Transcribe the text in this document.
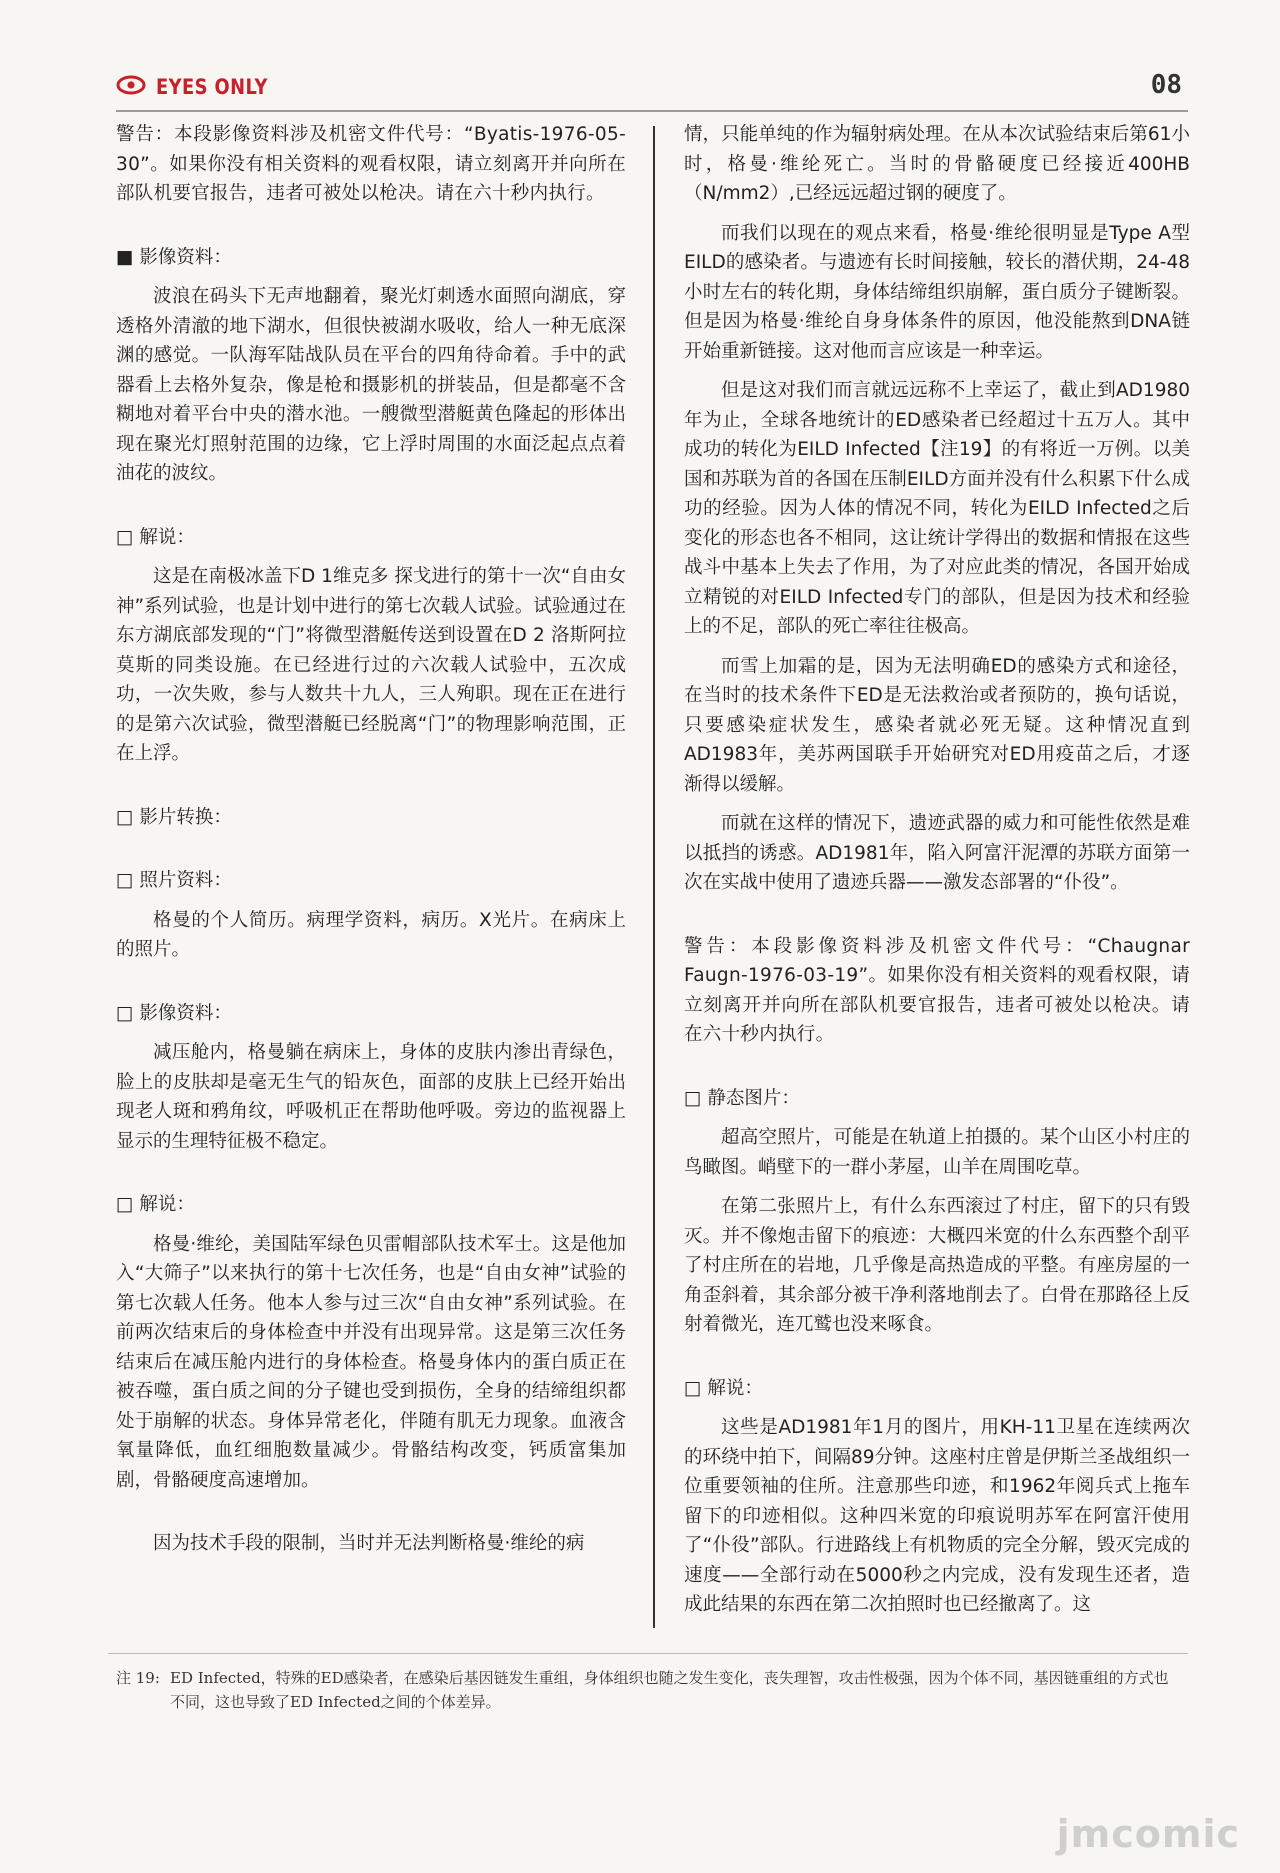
EYES ONLY	08

警告：本段影像资料涉及机密文件代号：“Byatis-1976-05-30”。如果你没有相关资料的观看权限，请立刻离开并向所在部队机要官报告，违者可被处以枪决。请在六十秒内执行。

■ 影像资料：

波浪在码头下无声地翻着，聚光灯刺透水面照向湖底，穿透格外清澈的地下湖水，但很快被湖水吸收，给人一种无底深渊的感觉。一队海军陆战队员在平台的四角待命着。手中的武器看上去格外复杂，像是枪和摄影机的拼装品，但是都毫不含糊地对着平台中央的潜水池。一艘微型潜艇黄色隆起的形体出现在聚光灯照射范围的边缘，它上浮时周围的水面泛起点点着油花的波纹。

□ 解说：

这是在南极冰盖下D 1维克多 探戈进行的第十一次“自由女神”系列试验，也是计划中进行的第七次载人试验。试验通过在东方湖底部发现的“门”将微型潜艇传送到设置在D 2 洛斯阿拉莫斯的同类设施。在已经进行过的六次载人试验中，五次成功，一次失败，参与人数共十九人，三人殉职。现在正在进行的是第六次试验，微型潜艇已经脱离“门”的物理影响范围，正在上浮。

□ 影片转换：

□ 照片资料：

格曼的个人简历。病理学资料，病历。X光片。在病床上的照片。

□ 影像资料：

减压舱内，格曼躺在病床上，身体的皮肤内渗出青绿色，脸上的皮肤却是毫无生气的铅灰色，面部的皮肤上已经开始出现老人斑和鸦角纹，呼吸机正在帮助他呼吸。旁边的监视器上显示的生理特征极不稳定。

□ 解说：

格曼·维纶，美国陆军绿色贝雷帽部队技术军士。这是他加入“大筛子”以来执行的第十七次任务，也是“自由女神”试验的第七次载人任务。他本人参与过三次“自由女神”系列试验。在前两次结束后的身体检查中并没有出现异常。这是第三次任务结束后在减压舱内进行的身体检查。格曼身体内的蛋白质正在被吞噬，蛋白质之间的分子键也受到损伤，全身的结缔组织都处于崩解的状态。身体异常老化，伴随有肌无力现象。血液含氧量降低，血红细胞数量减少。骨骼结构改变，钙质富集加剧，骨骼硬度高速增加。

因为技术手段的限制，当时并无法判断格曼·维纶的病

情，只能单纯的作为辐射病处理。在从本次试验结束后第61小时，格曼·维纶死亡。当时的骨骼硬度已经接近400HB（N/mm2）,已经远远超过钢的硬度了。

而我们以现在的观点来看，格曼·维纶很明显是Type A型EILD的感染者。与遗迹有长时间接触，较长的潜伏期，24-48小时左右的转化期，身体结缔组织崩解，蛋白质分子键断裂。但是因为格曼·维纶自身身体条件的原因，他没能熬到DNA链开始重新链接。这对他而言应该是一种幸运。

但是这对我们而言就远远称不上幸运了，截止到AD1980年为止，全球各地统计的ED感染者已经超过十五万人。其中成功的转化为EILD Infected【注19】的有将近一万例。以美国和苏联为首的各国在压制EILD方面并没有什么积累下什么成功的经验。因为人体的情况不同，转化为EILD Infected之后变化的形态也各不相同，这让统计学得出的数据和情报在这些战斗中基本上失去了作用，为了对应此类的情况，各国开始成立精锐的对EILD Infected专门的部队，但是因为技术和经验上的不足，部队的死亡率往往极高。

而雪上加霜的是，因为无法明确ED的感染方式和途径，在当时的技术条件下ED是无法救治或者预防的，换句话说，只要感染症状发生，感染者就必死无疑。这种情况直到AD1983年，美苏两国联手开始研究对ED用疫苗之后，才逐渐得以缓解。

而就在这样的情况下，遗迹武器的威力和可能性依然是难以抵挡的诱惑。AD1981年，陷入阿富汗泥潭的苏联方面第一次在实战中使用了遗迹兵器——激发态部署的“仆役”。

警告：本段影像资料涉及机密文件代号：“Chaugnar Faugn-1976-03-19”。如果你没有相关资料的观看权限，请立刻离开并向所在部队机要官报告，违者可被处以枪决。请在六十秒内执行。

□ 静态图片：

超高空照片，可能是在轨道上拍摄的。某个山区小村庄的鸟瞰图。峭壁下的一群小茅屋，山羊在周围吃草。

在第二张照片上，有什么东西滚过了村庄，留下的只有毁灭。并不像炮击留下的痕迹：大概四米宽的什么东西整个刮平了村庄所在的岩地，几乎像是高热造成的平整。有座房屋的一角歪斜着，其余部分被干净利落地削去了。白骨在那路径上反射着微光，连兀鹫也没来啄食。

□ 解说：

这些是AD1981年1月的图片，用KH-11卫星在连续两次的环绕中拍下，间隔89分钟。这座村庄曾是伊斯兰圣战组织一位重要领袖的住所。注意那些印迹，和1962年阅兵式上拖车留下的印迹相似。这种四米宽的印痕说明苏军在阿富汗使用了“仆役”部队。行进路线上有机物质的完全分解，毁灭完成的速度——全部行动在5000秒之内完成，没有发现生还者，造成此结果的东西在第二次拍照时也已经撤离了。这

注 19: ED Infected，特殊的ED感染者，在感染后基因链发生重组，身体组织也随之发生变化，丧失理智，攻击性极强，因为个体不同，基因链重组的方式也不同，这也导致了ED Infected之间的个体差异。
jmcomic
